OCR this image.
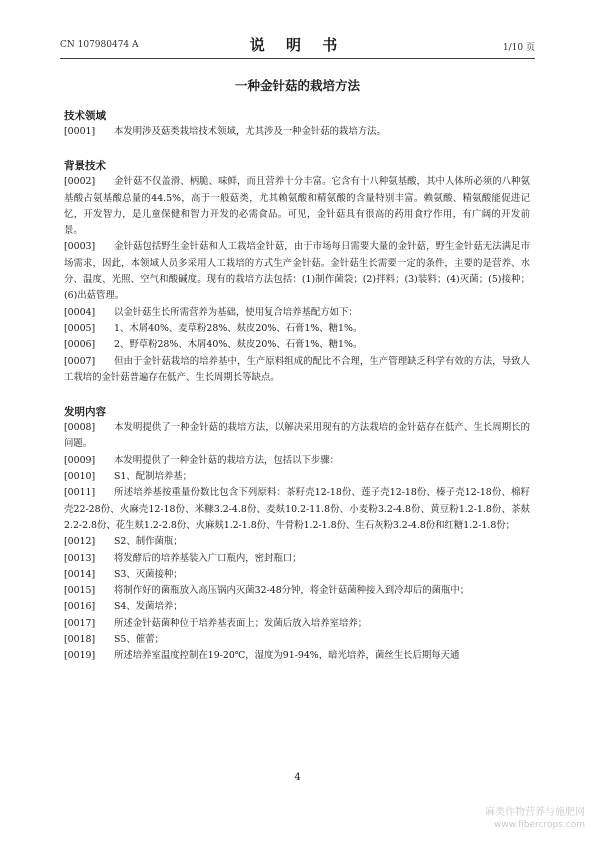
CN 107980474 A	说 明 书	1/10 页
一种金针菇的栽培方法
技术领域
[0001] 本发明涉及菇类栽培技术领域，尤其涉及一种金针菇的栽培方法。
背景技术
[0002] 金针菇不仅盖滑、柄脆、味鲜，而且营养十分丰富。它含有十八种氨基酸，其中人体所必须的八种氨基酸占氨基酸总量的44.5%，高于一般菇类，尤其赖氨酸和精氨酸的含量特别丰富。赖氨酸、精氨酸能促进记忆，开发智力，是儿童保健和智力开发的必需食品。可见，金针菇具有很高的药用食疗作用，有广阔的开发前景。
[0003] 金针菇包括野生金针菇和人工栽培金针菇，由于市场每日需要大量的金针菇，野生金针菇无法满足市场需求，因此，本领域人员多采用人工栽培的方式生产金针菇。金针菇生长需要一定的条件，主要的是营养、水分、温度、光照、空气和酸碱度。现有的栽培方法包括：(1)制作菌袋；(2)拌料；(3)装料；(4)灭菌；(5)接种；(6)出菇管理。
[0004] 以金针菇生长所需营养为基础，使用复合培养基配方如下：
[0005] 1、木屑40%、麦草粉28%、麸皮20%、石膏1%、糖1%。
[0006] 2、野草粉28%、木屑40%、麸皮20%、石膏1%、糖1%。
[0007] 但由于金针菇栽培的培养基中，生产原料组成的配比不合理，生产管理缺乏科学有效的方法，导致人工栽培的金针菇普遍存在低产、生长周期长等缺点。
发明内容
[0008] 本发明提供了一种金针菇的栽培方法，以解决采用现有的方法栽培的金针菇存在低产、生长周期长的问题。
[0009] 本发明提供了一种金针菇的栽培方法，包括以下步骤：
[0010] S1、配制培养基；
[0011] 所述培养基按重量份数比包含下列原料：茶籽壳12-18份、莲子壳12-18份、榛子壳12-18份、棉籽壳22-28份、火麻壳12-18份、米糠3.2-4.8份、麦麸10.2-11.8份、小麦粉3.2-4.8份、黄豆粉1.2-1.8份、茶麸2.2-2.8份、花生麸1.2-2.8份、火麻麸1.2-1.8份、牛骨粉1.2-1.8份、生石灰粉3.2-4.8份和红糖1.2-1.8份；
[0012] S2、制作菌瓶；
[0013] 将发酵后的培养基装入广口瓶内，密封瓶口；
[0014] S3、灭菌接种；
[0015] 将制作好的菌瓶放入高压锅内灭菌32-48分钟，将金针菇菌种接入到冷却后的菌瓶中；
[0016] S4、发菌培养；
[0017] 所述金针菇菌种位于培养基表面上；发菌后放入培养室培养；
[0018] S5、催蕾；
[0019] 所述培养室温度控制在19-20℃，湿度为91-94%，暗光培养，菌丝生长后期每天通
4
麻类作物营养与施肥网
www.fibercrops.com
